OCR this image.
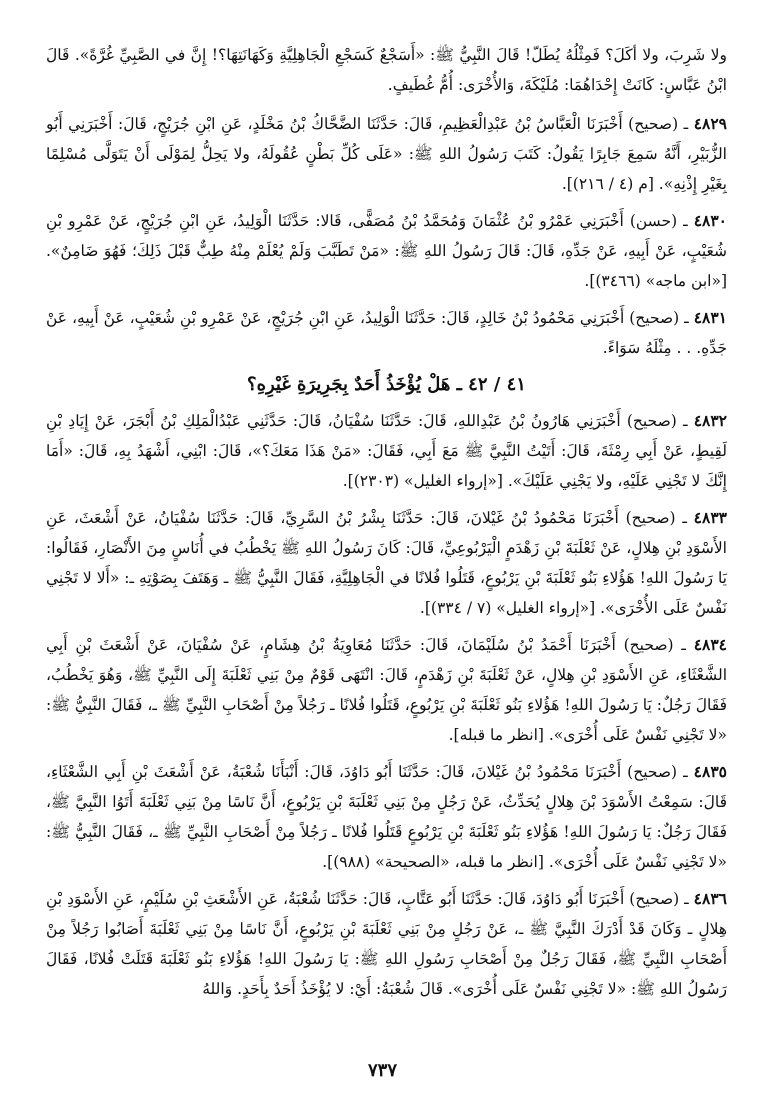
ولا شَرِبَ، ولا أكَلَ؟ فَمِثْلُهُ يُطَلّ! قَالَ النَّبِيُّ ﷺ: «أَسَجْعٌ كَسَجْعِ الْجَاهِلِيَّةِ وَكَهَانَتِهَا؟! إِنَّ في الصَّبِيِّ غُرَّةً». قَالَ ابْنُ عَبَّاسٍ: كَانَتْ إِحْدَاهُمَا: مُلَيْكَةَ، وَالأُخْرَى: أُمُّ غُطَيفٍ.

٤٨٢٩ ـ (صحيح) أَخْبَرَنَا الْعَبَّاسُ بْنُ عَبْدِالْعَظِيمِ، قَالَ: حَدَّثَنَا الضَّحَّاكُ بْنُ مَخْلَدٍ، عَنِ ابْنِ جُرَيْجٍ، قَالَ: أَخْبَرَنِي أَبُو الزُّبَيْرِ، أَنَّهُ سَمِعَ جَابِرًا يَقُولُ: كَتَبَ رَسُولُ اللهِ ﷺ: «عَلَى كُلِّ بَطْنٍ عُقُولَهُ، ولا يَحِلُّ لِمَوْلَى أَنْ يَتَوَلَّى مُسْلِمًا بِغَيْرِ إِذْنِهِ». [م (٤ / ٢١٦)].

٤٨٣٠ ـ (حسن) أَخْبَرَنِي عَمْرُو بْنُ عُثْمَانَ وَمُحَمَّدُ بْنُ مُصَفًّى، قَالا: حَدَّثَنَا الْوَلِيدُ، عَنِ ابْنِ جُرَيْجٍ، عَنْ عَمْرِو بْنِ شُعَيْبٍ، عَنْ أَبِيهِ، عَنْ جَدِّهِ، قَالَ: قَالَ رَسُولُ اللهِ ﷺ: «مَنْ تَطَبَّبَ وَلَمْ يُعْلَمْ مِنْهُ طِبٌّ قَبْلَ ذَلِكَ؛ فَهُوَ ضَامِنٌ». [«ابن ماجه» (٣٤٦٦)].

٤٨٣١ ـ (صحيح) أَخْبَرَنِي مَحْمُودُ بْنُ خَالِدٍ، قَالَ: حَدَّثَنَا الْوَلِيدُ، عَنِ ابْنِ جُرَيْجٍ، عَنْ عَمْرِو بْنِ شُعَيْبٍ، عَنْ أَبِيهِ، عَنْ جَدِّهِ. . . مِثْلَهُ سَوَاءً.

٤١ / ٤٢ ـ هَلْ يُؤْخَذُ أَحَدٌ بِجَرِيرَةِ غَيْرِهِ؟

٤٨٣٢ ـ (صحيح) أَخْبَرَنِي هَارُونُ بْنُ عَبْدِاللهِ، قَالَ: حَدَّثَنَا سُفْيَانُ، قَالَ: حَدَّثَنِي عَبْدُالْمَلِكِ بْنُ أَبْجَرَ، عَنْ إِيَادِ بْنِ لَقِيطٍ، عَنْ أَبِي رِمْثَةَ، قَالَ: أَتَيْتُ النَّبِيَّ ﷺ مَعَ أَبِي، فَقَالَ: «مَنْ هَذَا مَعَكَ؟»، قَالَ: ابْنِي، أَشْهَدُ بِهِ، قَالَ: «أَمَا إِنَّكَ لا تَجْنِي عَلَيْهِ، ولا يَجْنِي عَلَيْكَ». [«إرواء الغليل» (٢٣٠٣)].

٤٨٣٣ ـ (صحيح) أَخْبَرَنَا مَحْمُودُ بْنُ غَيْلانَ، قَالَ: حَدَّثَنَا بِشْرُ بْنُ السَّرِيِّ، قَالَ: حَدَّثَنَا سُفْيَانُ، عَنْ أَشْعَثَ، عَنِ الأَسْوَدِ بْنِ هِلالٍ، عَنْ ثَعْلَبَةَ بْنِ زَهْدَمٍ الْيَرْبُوعِيِّ، قَالَ: كَانَ رَسُولُ اللهِ ﷺ يَخْطُبُ في أُنَاسٍ مِنَ الأَنْصَارِ، فَقَالُوا: يَا رَسُولَ اللهِ! هَؤُلاءِ بَنُو ثَعْلَبَةَ بْنِ يَرْبُوعٍ، قَتَلُوا فُلانًا في الْجَاهِلِيَّةِ، فَقَالَ النَّبِيُّ ﷺ ـ وَهَتَفَ بِصَوْتِهِ ـ: «أَلا لا تَجْنِي نَفْسٌ عَلَى الأُخْرَى». [«إرواء الغليل» (٧ / ٣٣٤)].

٤٨٣٤ ـ (صحيح) أَخْبَرَنَا أَحْمَدُ بْنُ سُلَيْمَانَ، قَالَ: حَدَّثَنَا مُعَاوِيَةُ بْنُ هِشَامٍ، عَنْ سُفْيَانَ، عَنْ أَشْعَثَ بْنِ أَبِي الشَّعْثَاءِ، عَنِ الأَسْوَدِ بْنِ هِلالٍ، عَنْ ثَعْلَبَةَ بْنِ زَهْدَمٍ، قَالَ: انْتَهَى قَوْمٌ مِنْ بَنِي ثَعْلَبَةَ إِلَى النَّبِيِّ ﷺ، وَهُوَ يَخْطُبُ، فَقَالَ رَجُلٌ: يَا رَسُولَ اللهِ! هَؤُلاءِ بَنُو ثَعْلَبَةَ بْنِ يَرْبُوعٍ، قَتَلُوا فُلانًا ـ رَجُلاً مِنْ أَصْحَابِ النَّبِيِّ ﷺ ـ، فَقَالَ النَّبِيُّ ﷺ: «لا تَجْنِي نَفْسٌ عَلَى أُخْرَى». [انظر ما قبله].

٤٨٣٥ ـ (صحيح) أَخْبَرَنَا مَحْمُودُ بْنُ غَيْلانَ، قَالَ: حَدَّثَنَا أَبُو دَاوُدَ، قَالَ: أَنْبَأَنَا شُعْبَةُ، عَنْ أَشْعَثَ بْنِ أَبِي الشَّعْثَاءِ، قَالَ: سَمِعْتُ الأَسْوَدَ بْنَ هِلالٍ يُحَدِّثُ، عَنْ رَجُلٍ مِنْ بَنِي ثَعْلَبَةَ بْنِ يَرْبُوعٍ، أَنَّ نَاسًا مِنْ بَنِي ثَعْلَبَةَ أَتَوُا النَّبِيَّ ﷺ، فَقَالَ رَجُلٌ: يَا رَسُولَ اللهِ! هَؤُلاءِ بَنُو ثَعْلَبَةَ بْنِ يَرْبُوعٍ قَتَلُوا فُلانًا ـ رَجُلاً مِنْ أَصْحَابِ النَّبِيِّ ﷺ ـ، فَقَالَ النَّبِيُّ ﷺ: «لا تَجْنِي نَفْسٌ عَلَى أُخْرَى». [انظر ما قبله، «الصحيحة» (٩٨٨)].

٤٨٣٦ ـ (صحيح) أَخْبَرَنَا أَبُو دَاوُدَ، قَالَ: حَدَّثَنَا أَبُو عَتَّابٍ، قَالَ: حَدَّثَنَا شُعْبَةُ، عَنِ الأَشْعَثِ بْنِ سُلَيْمٍ، عَنِ الأَسْوَدِ بْنِ هِلالٍ ـ وَكَانَ قَدْ أَدْرَكَ النَّبِيَّ ﷺ ـ، عَنْ رَجُلٍ مِنْ بَنِي ثَعْلَبَةَ بْنِ يَرْبُوعٍ، أَنَّ نَاسًا مِنْ بَنِي ثَعْلَبَةَ أَصَابُوا رَجُلاً مِنْ أَصْحَابِ النَّبِيِّ ﷺ، فَقَالَ رَجُلٌ مِنْ أَصْحَابِ رَسُولِ اللهِ ﷺ: يَا رَسُولَ اللهِ! هَؤُلاءِ بَنُو ثَعْلَبَةَ قَتَلَتْ فُلانًا، فَقَالَ رَسُولُ اللهِ ﷺ: «لا تَجْنِي نَفْسٌ عَلَى أُخْرَى». قَالَ شُعْبَةُ: أَيْ: لا يُؤْخَذُ أَحَدٌ بِأَحَدٍ. وَاللهُ

٧٣٧
